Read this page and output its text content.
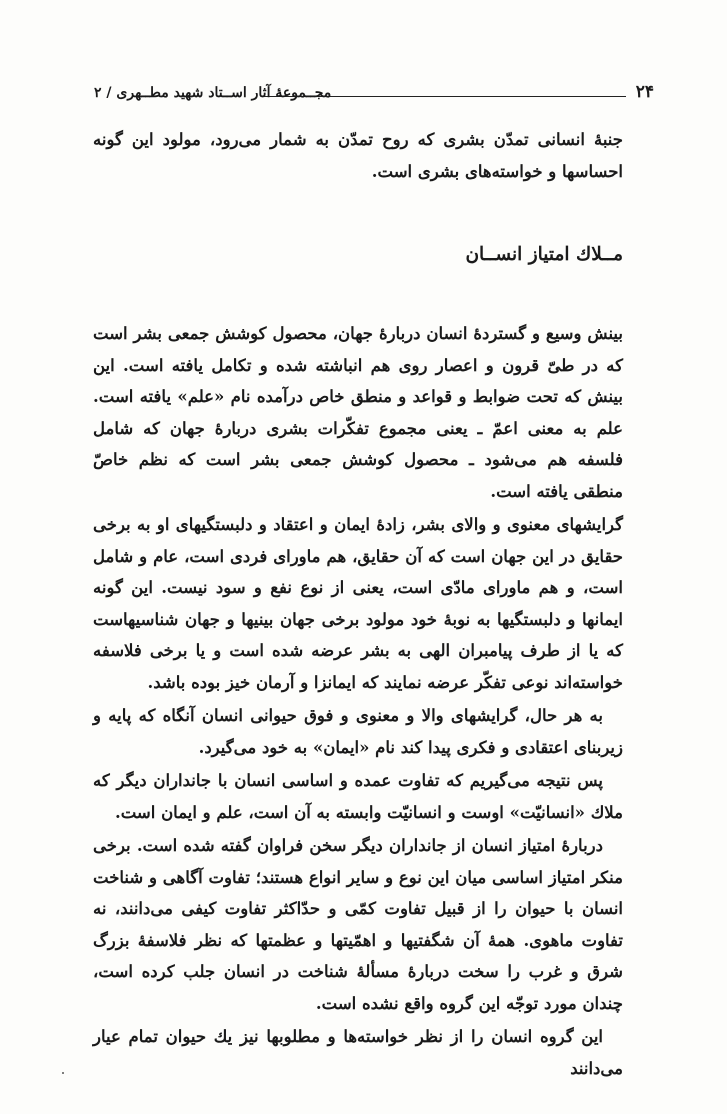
۲۴
مجــموعهٔ آثار اســتاد شهید مطــهری / ۲
جنبهٔ انسانی تمدّن بشری که روح تمدّن به شمار می‌رود، مولود این گونه احساسها و خواسته‌های بشری است.
مــلاك امتیاز انســان

بینش وسیع و گستردهٔ انسان دربارهٔ جهان، محصول کوشش جمعی بشر است که در طیّ قرون و اعصار روی هم انباشته شده و تکامل یافته است. این بینش که تحت ضوابط و قواعد و منطق خاص درآمده نام «علم» یافته است. علم به معنی اعمّ ـ یعنی مجموع تفکّرات بشری دربارهٔ جهان که شامل فلسفه هم می‌شود ـ محصول کوشش جمعی بشر است که نظم خاصّ منطقی یافته است.

گرایشهای معنوی و والای بشر، زادهٔ ایمان و اعتقاد و دلبستگیهای او به برخی حقایق در این جهان است که آن حقایق، هم ماورای فردی است، عام و شامل است، و هم ماورای مادّی است، یعنی از نوع نفع و سود نیست. این گونه ایمانها و دلبستگیها به نوبهٔ خود مولود برخی جهان بینیها و جهان شناسیهاست که یا از طرف پیامبران الهی به بشر عرضه شده است و یا برخی فلاسفه خواسته‌اند نوعی تفکّر عرضه نمایند که ایمانزا و آرمان خیز بوده باشد.

به هر حال، گرایشهای والا و معنوی و فوق حیوانی انسان آنگاه که پایه و زیربنای اعتقادی و فکری پیدا کند نام «ایمان» به خود می‌گیرد.

پس نتیجه می‌گیریم که تفاوت عمده و اساسی انسان با جانداران دیگر که ملاك «انسانیّت» اوست و انسانیّت وابسته به آن است، علم و ایمان است.

دربارهٔ امتیاز انسان از جانداران دیگر سخن فراوان گفته شده است. برخی منکر امتیاز اساسی میان این نوع و سایر انواع هستند؛ تفاوت آگاهی و شناخت انسان با حیوان را از قبیل تفاوت کمّی و حدّاکثر تفاوت کیفی می‌دانند، نه تفاوت ماهوی. همهٔ آن شگفتیها و اهمّیتها و عظمتها که نظر فلاسفهٔ بزرگ شرق و غرب را سخت دربارهٔ مسألهٔ شناخت در انسان جلب کرده است، چندان مورد توجّه این گروه واقع نشده است.

این گروه انسان را از نظر خواسته‌ها و مطلوبها نیز یك حیوان تمام عیار می‌دانند
